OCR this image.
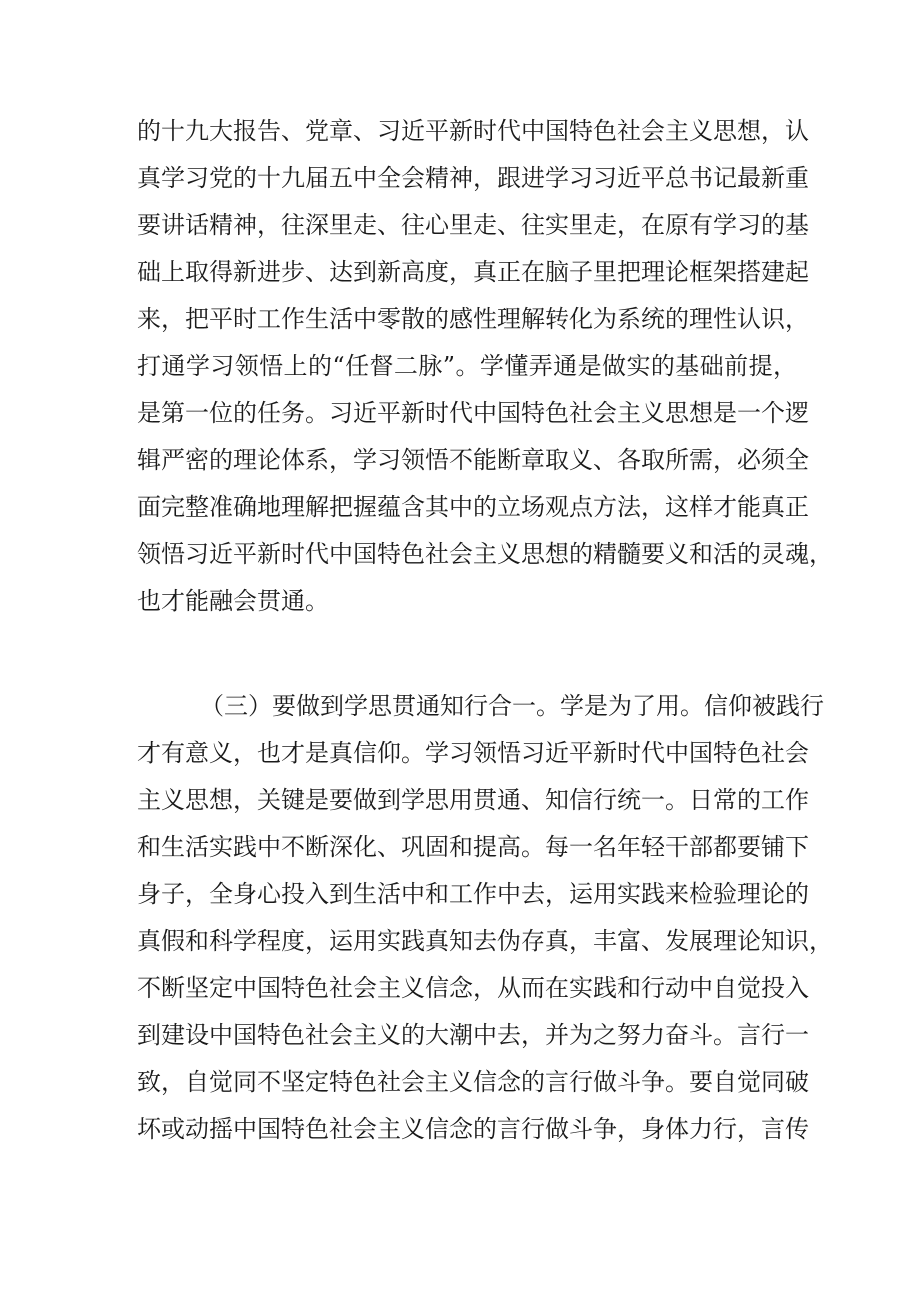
的十九大报告、党章、习近平新时代中国特色社会主义思想，认
真学习党的十九届五中全会精神，跟进学习习近平总书记最新重
要讲话精神，往深里走、往心里走、往实里走，在原有学习的基
础上取得新进步、达到新高度，真正在脑子里把理论框架搭建起
来，把平时工作生活中零散的感性理解转化为系统的理性认识，
打通学习领悟上的“任督二脉”。学懂弄通是做实的基础前提，
是第一位的任务。习近平新时代中国特色社会主义思想是一个逻
辑严密的理论体系，学习领悟不能断章取义、各取所需，必须全
面完整准确地理解把握蕴含其中的立场观点方法，这样才能真正
领悟习近平新时代中国特色社会主义思想的精髓要义和活的灵魂，
也才能融会贯通。
（三）要做到学思贯通知行合一。学是为了用。信仰被践行
才有意义，也才是真信仰。学习领悟习近平新时代中国特色社会
主义思想，关键是要做到学思用贯通、知信行统一。日常的工作
和生活实践中不断深化、巩固和提高。每一名年轻干部都要铺下
身子，全身心投入到生活中和工作中去，运用实践来检验理论的
真假和科学程度，运用实践真知去伪存真，丰富、发展理论知识，
不断坚定中国特色社会主义信念，从而在实践和行动中自觉投入
到建设中国特色社会主义的大潮中去，并为之努力奋斗。言行一
致，自觉同不坚定特色社会主义信念的言行做斗争。要自觉同破
坏或动摇中国特色社会主义信念的言行做斗争，身体力行，言传
